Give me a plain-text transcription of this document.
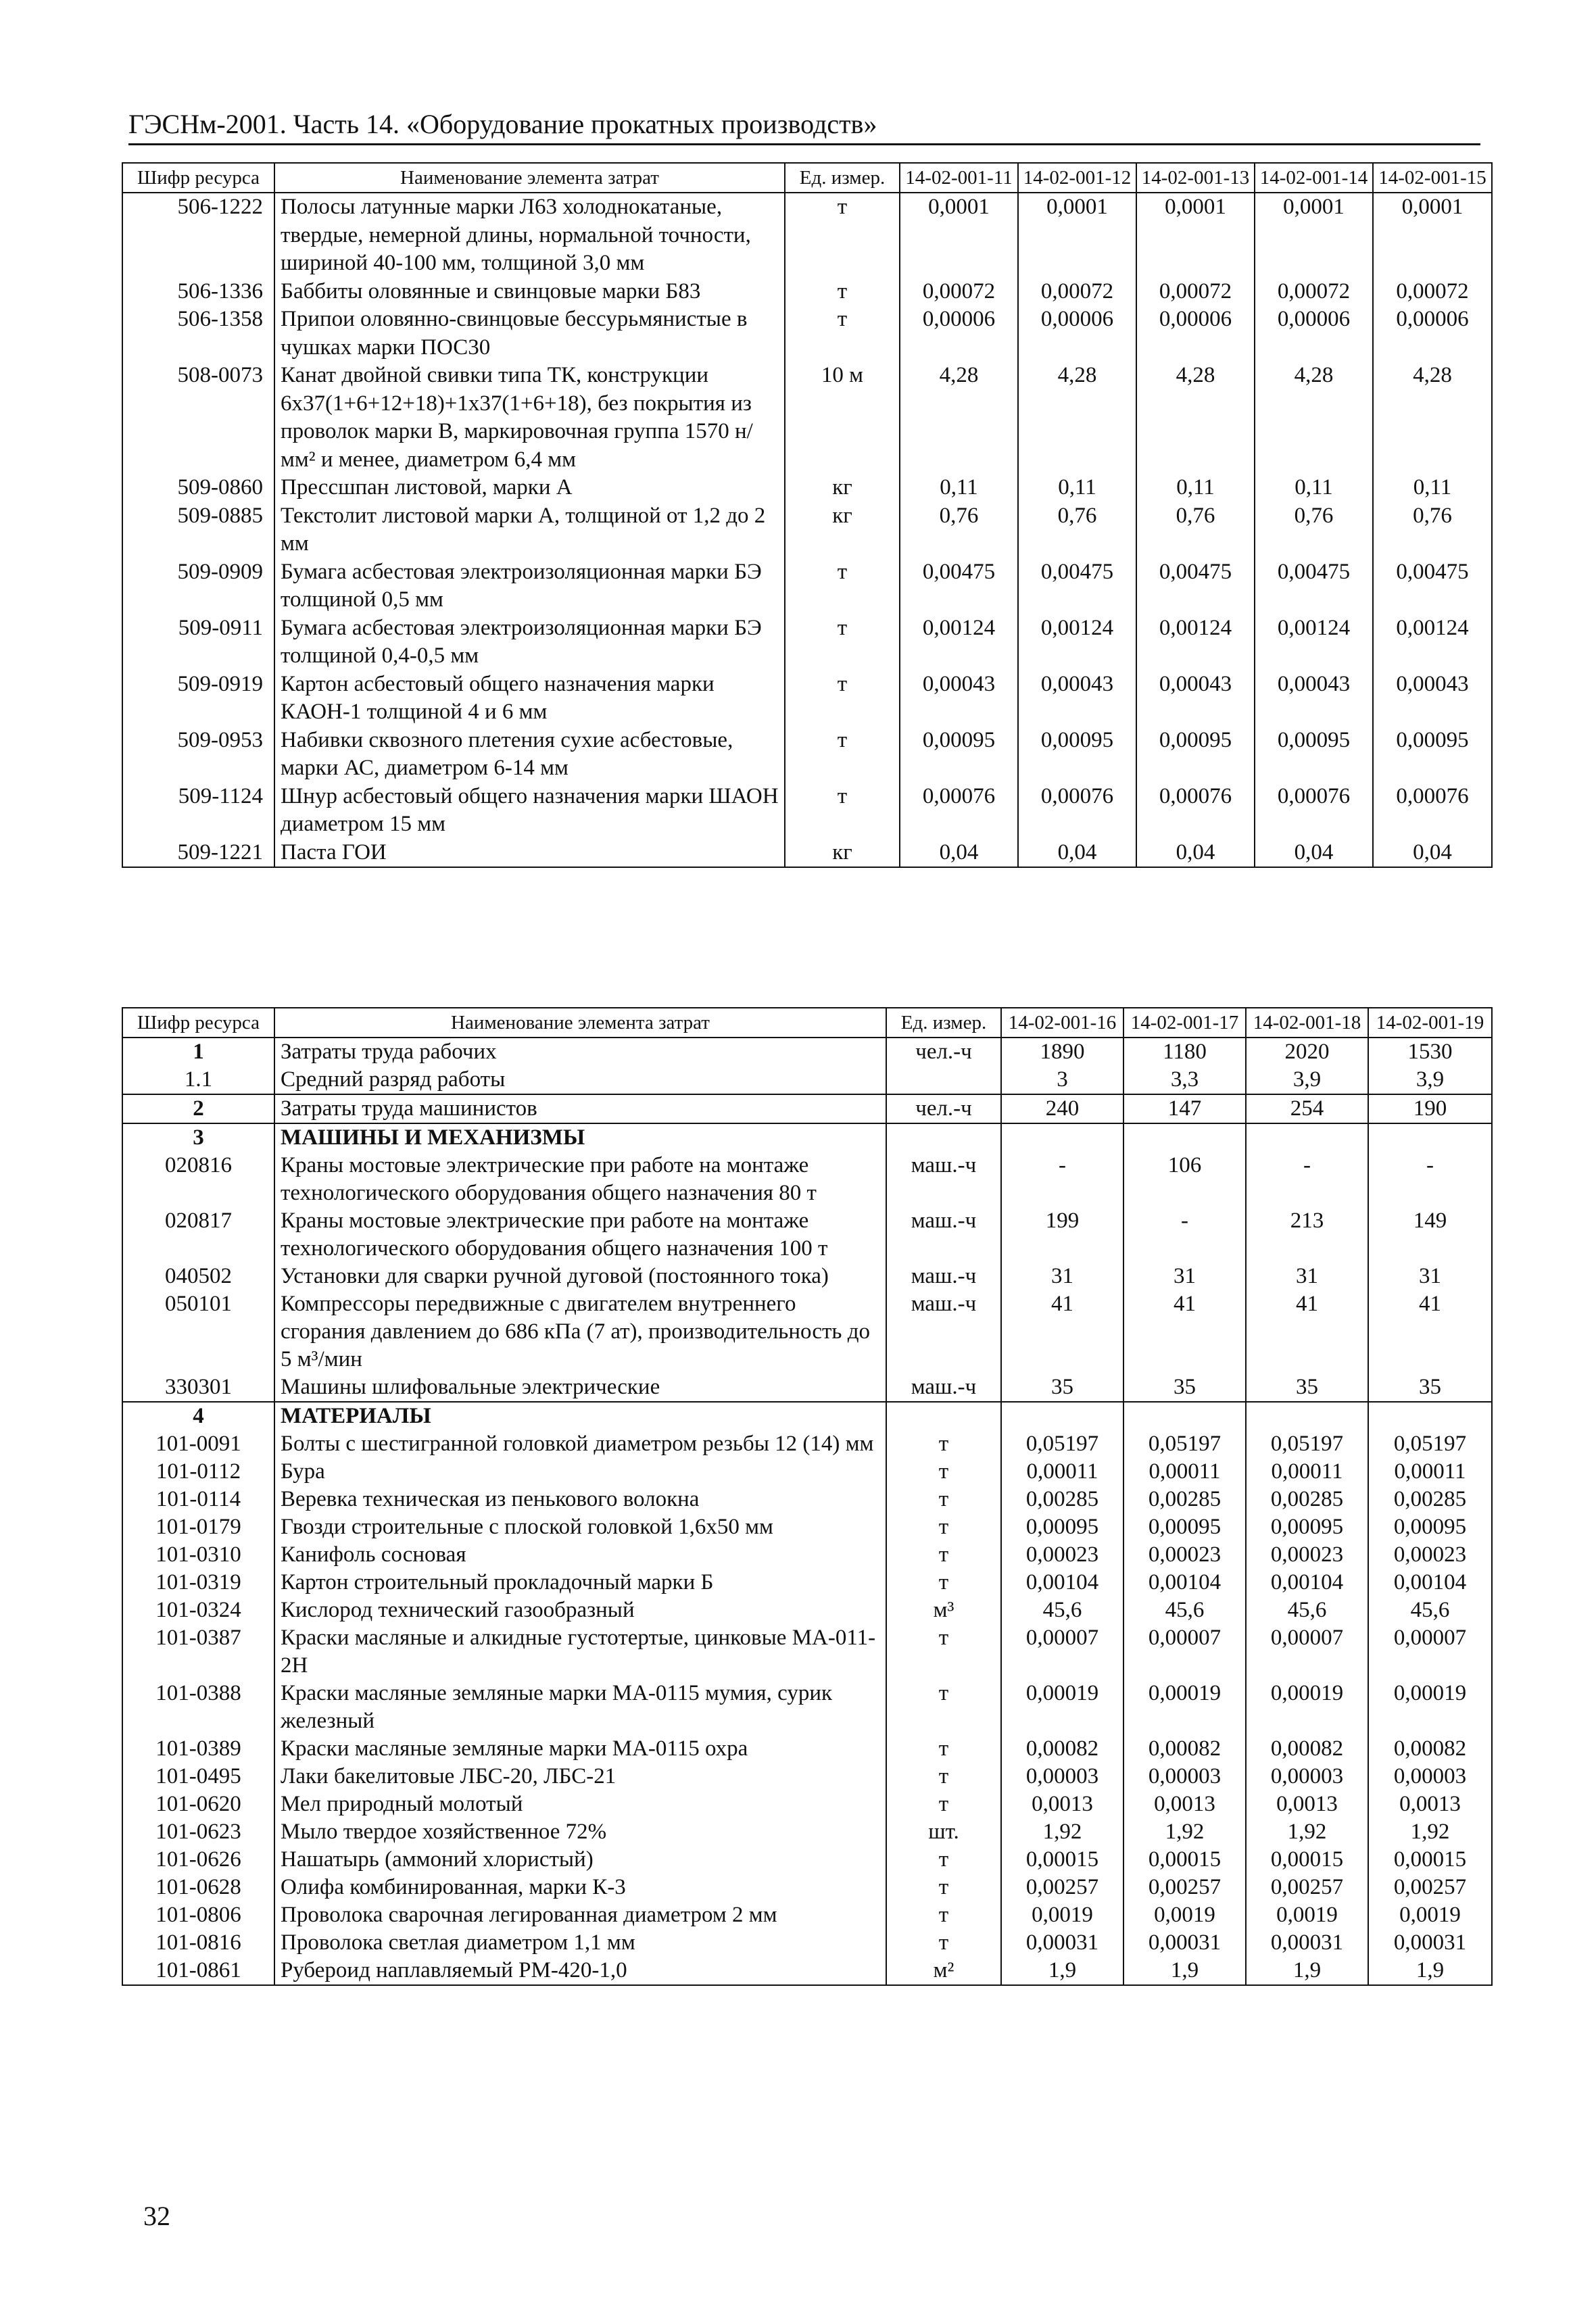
ГЭСНм-2001. Часть 14. «Оборудование прокатных производств»
Шифр ресурса	Наименование элемента затрат	Ед. измер.	14-02-001-11	14-02-001-12	14-02-001-13	14-02-001-14	14-02-001-15
506-1222	Полосы латунные марки Л63 холоднокатаные, твердые, немерной длины, нормальной точности, шириной 40-100 мм, толщиной 3,0 мм	т	0,0001	0,0001	0,0001	0,0001	0,0001
506-1336	Баббиты оловянные и свинцовые марки Б83	т	0,00072	0,00072	0,00072	0,00072	0,00072
506-1358	Припои оловянно-свинцовые бессурьмянистые в чушках марки ПОС30	т	0,00006	0,00006	0,00006	0,00006	0,00006
508-0073	Канат двойной свивки типа ТК, конструкции 6х37(1+6+12+18)+1х37(1+6+18), без покрытия из проволок марки В, маркировочная группа 1570 н/мм² и менее, диаметром 6,4 мм	10 м	4,28	4,28	4,28	4,28	4,28
509-0860	Прессшпан листовой, марки А	кг	0,11	0,11	0,11	0,11	0,11
509-0885	Текстолит листовой марки А, толщиной от 1,2 до 2 мм	кг	0,76	0,76	0,76	0,76	0,76
509-0909	Бумага асбестовая электроизоляционная марки БЭ толщиной 0,5 мм	т	0,00475	0,00475	0,00475	0,00475	0,00475
509-0911	Бумага асбестовая электроизоляционная марки БЭ толщиной 0,4-0,5 мм	т	0,00124	0,00124	0,00124	0,00124	0,00124
509-0919	Картон асбестовый общего назначения марки КАОН-1 толщиной 4 и 6 мм	т	0,00043	0,00043	0,00043	0,00043	0,00043
509-0953	Набивки сквозного плетения сухие асбестовые, марки АС, диаметром 6-14 мм	т	0,00095	0,00095	0,00095	0,00095	0,00095
509-1124	Шнур асбестовый общего назначения марки ШАОН диаметром 15 мм	т	0,00076	0,00076	0,00076	0,00076	0,00076
509-1221	Паста ГОИ	кг	0,04	0,04	0,04	0,04	0,04
Шифр ресурса	Наименование элемента затрат	Ед. измер.	14-02-001-16	14-02-001-17	14-02-001-18	14-02-001-19
1	Затраты труда рабочих	чел.-ч	1890	1180	2020	1530
1.1	Средний разряд работы		3	3,3	3,9	3,9
2	Затраты труда машинистов	чел.-ч	240	147	254	190
3	МАШИНЫ И МЕХАНИЗМЫ					
020816	Краны мостовые электрические при работе на монтаже технологического оборудования общего назначения 80 т	маш.-ч	-	106	-	-
020817	Краны мостовые электрические при работе на монтаже технологического оборудования общего назначения 100 т	маш.-ч	199	-	213	149
040502	Установки для сварки ручной дуговой (постоянного тока)	маш.-ч	31	31	31	31
050101	Компрессоры передвижные с двигателем внутреннего сгорания давлением до 686 кПа (7 ат), производительность до 5 м³/мин	маш.-ч	41	41	41	41
330301	Машины шлифовальные электрические	маш.-ч	35	35	35	35
4	МАТЕРИАЛЫ					
101-0091	Болты с шестигранной головкой диаметром резьбы 12 (14) мм	т	0,05197	0,05197	0,05197	0,05197
101-0112	Бура	т	0,00011	0,00011	0,00011	0,00011
101-0114	Веревка техническая из пенькового волокна	т	0,00285	0,00285	0,00285	0,00285
101-0179	Гвозди строительные с плоской головкой 1,6х50 мм	т	0,00095	0,00095	0,00095	0,00095
101-0310	Канифоль сосновая	т	0,00023	0,00023	0,00023	0,00023
101-0319	Картон строительный прокладочный марки Б	т	0,00104	0,00104	0,00104	0,00104
101-0324	Кислород технический газообразный	м³	45,6	45,6	45,6	45,6
101-0387	Краски масляные и алкидные густотертые, цинковые МА-011-2Н	т	0,00007	0,00007	0,00007	0,00007
101-0388	Краски масляные земляные марки МА-0115 мумия, сурик железный	т	0,00019	0,00019	0,00019	0,00019
101-0389	Краски масляные земляные марки МА-0115 охра	т	0,00082	0,00082	0,00082	0,00082
101-0495	Лаки бакелитовые ЛБС-20, ЛБС-21	т	0,00003	0,00003	0,00003	0,00003
101-0620	Мел природный молотый	т	0,0013	0,0013	0,0013	0,0013
101-0623	Мыло твердое хозяйственное 72%	шт.	1,92	1,92	1,92	1,92
101-0626	Нашатырь (аммоний хлористый)	т	0,00015	0,00015	0,00015	0,00015
101-0628	Олифа комбинированная, марки К-3	т	0,00257	0,00257	0,00257	0,00257
101-0806	Проволока сварочная легированная диаметром 2 мм	т	0,0019	0,0019	0,0019	0,0019
101-0816	Проволока светлая диаметром 1,1 мм	т	0,00031	0,00031	0,00031	0,00031
101-0861	Рубероид наплавляемый РМ-420-1,0	м²	1,9	1,9	1,9	1,9
32
